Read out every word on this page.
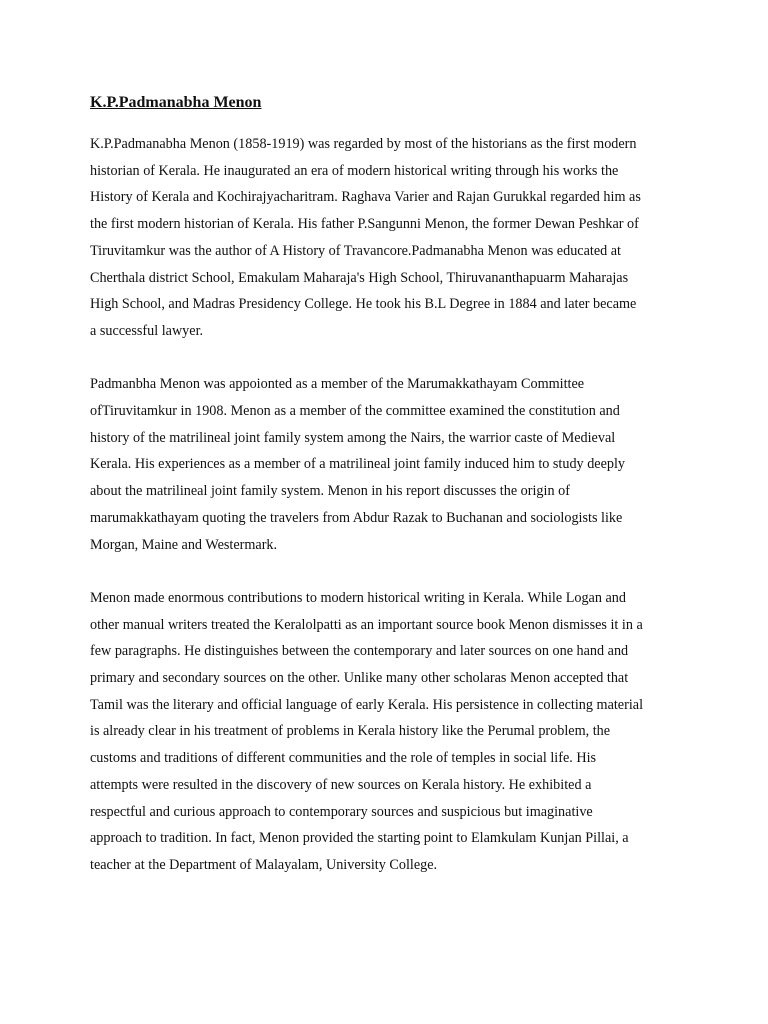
K.P.Padmanabha Menon
K.P.Padmanabha Menon (1858-1919) was regarded by most of the historians as the first modern
historian of Kerala. He inaugurated an era of modern historical writing through his works the
History of Kerala and Kochirajyacharitram. Raghava Varier and Rajan Gurukkal regarded him as
the first modern historian of Kerala. His father P.Sangunni Menon, the former Dewan Peshkar of
Tiruvitamkur was the author of A History of Travancore.Padmanabha Menon was educated at
Cherthala district School, Emakulam Maharaja's High School, Thiruvananthapuarm Maharajas
High School, and Madras Presidency College. He took his B.L Degree in 1884 and later became
a successful lawyer.
Padmanbha Menon was appoionted as a member of the Marumakkathayam Committee
ofTiruvitamkur in 1908. Menon as a member of the committee examined the constitution and
history of the matrilineal joint family system among the Nairs, the warrior caste of Medieval
Kerala. His experiences as a member of a matrilineal joint family induced him to study deeply
about the matrilineal joint family system. Menon in his report discusses the origin of
marumakkathayam quoting the travelers from Abdur Razak to Buchanan and sociologists like
Morgan, Maine and Westermark.
Menon made enormous contributions to modern historical writing in Kerala. While Logan and
other manual writers treated the Keralolpatti as an important source book Menon dismisses it in a
few paragraphs. He distinguishes between the contemporary and later sources on one hand and
primary and secondary sources on the other. Unlike many other scholaras Menon accepted that
Tamil was the literary and official language of early Kerala. His persistence in collecting material
is already clear in his treatment of problems in Kerala history like the Perumal problem, the
customs and traditions of different communities and the role of temples in social life. His
attempts were resulted in the discovery of new sources on Kerala history. He exhibited a
respectful and curious approach to contemporary sources and suspicious but imaginative
approach to tradition. In fact, Menon provided the starting point to Elamkulam Kunjan Pillai, a
teacher at the Department of Malayalam, University College.
